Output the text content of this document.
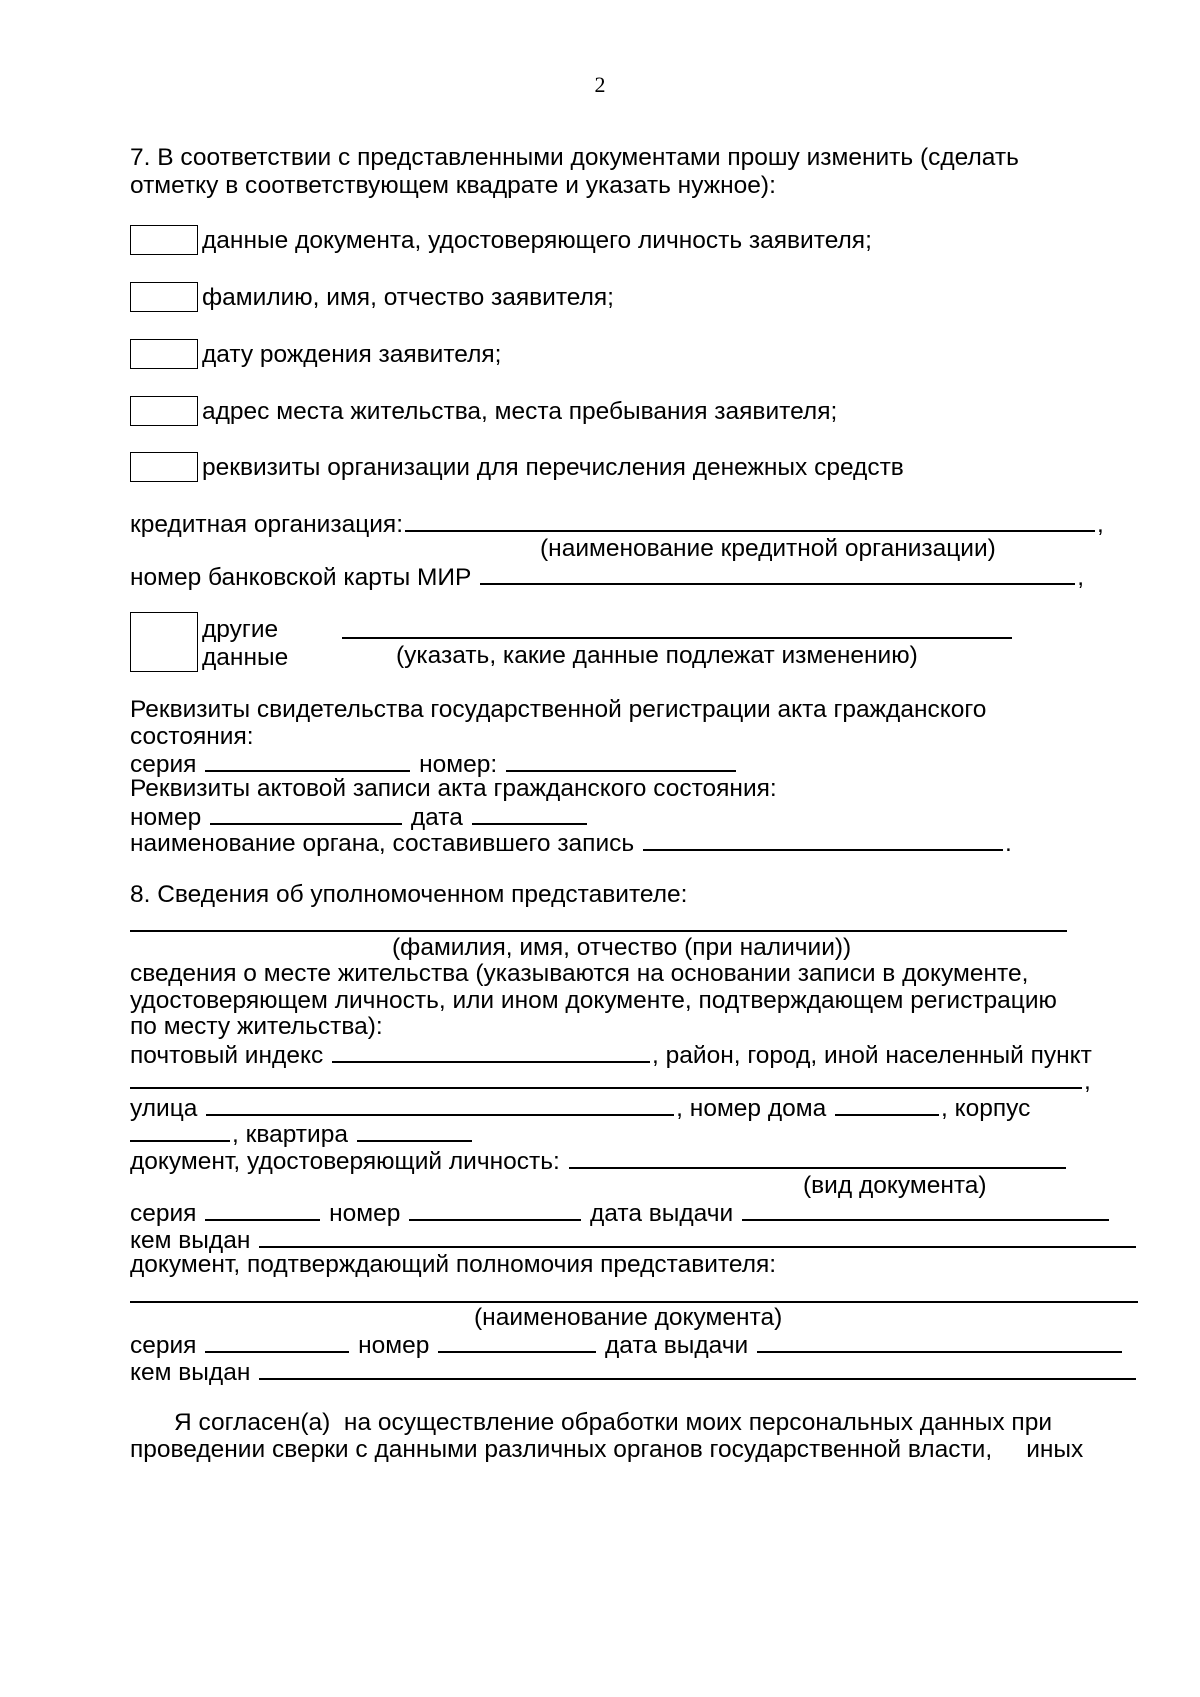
2
7. В соответствии с представленными документами прошу изменить (сделать
отметку в соответствующем квадрате и указать нужное):
данные документа, удостоверяющего личность заявителя;
фамилию, имя, отчество заявителя;
дату рождения заявителя;
адрес места жительства, места пребывания заявителя;
реквизиты организации для перечисления денежных средств
кредитная организация:	,
(наименование кредитной организации)
номер банковской карты МИР	,
другие
данные	(указать, какие данные подлежат изменению)
Реквизиты свидетельства государственной регистрации акта гражданского
состояния:
серия	номер:
Реквизиты актовой записи акта гражданского состояния:
номер	дата
наименование органа, составившего запись	.
8. Сведения об уполномоченном представителе:
(фамилия, имя, отчество (при наличии))
сведения о месте жительства (указываются на основании записи в документе,
удостоверяющем личность, или ином документе, подтверждающем регистрацию
по месту жительства):
почтовый индекс	, район, город, иной населенный пункт
,
улица	, номер дома	, корпус
, квартира
документ, удостоверяющий личность:
(вид документа)
серия	номер	дата выдачи
кем выдан
документ, подтверждающий полномочия представителя:
(наименование документа)
серия	номер	дата выдачи
кем выдан
Я согласен(а)  на осуществление обработки моих персональных данных при
проведении сверки с данными различных органов государственной власти,     иных
